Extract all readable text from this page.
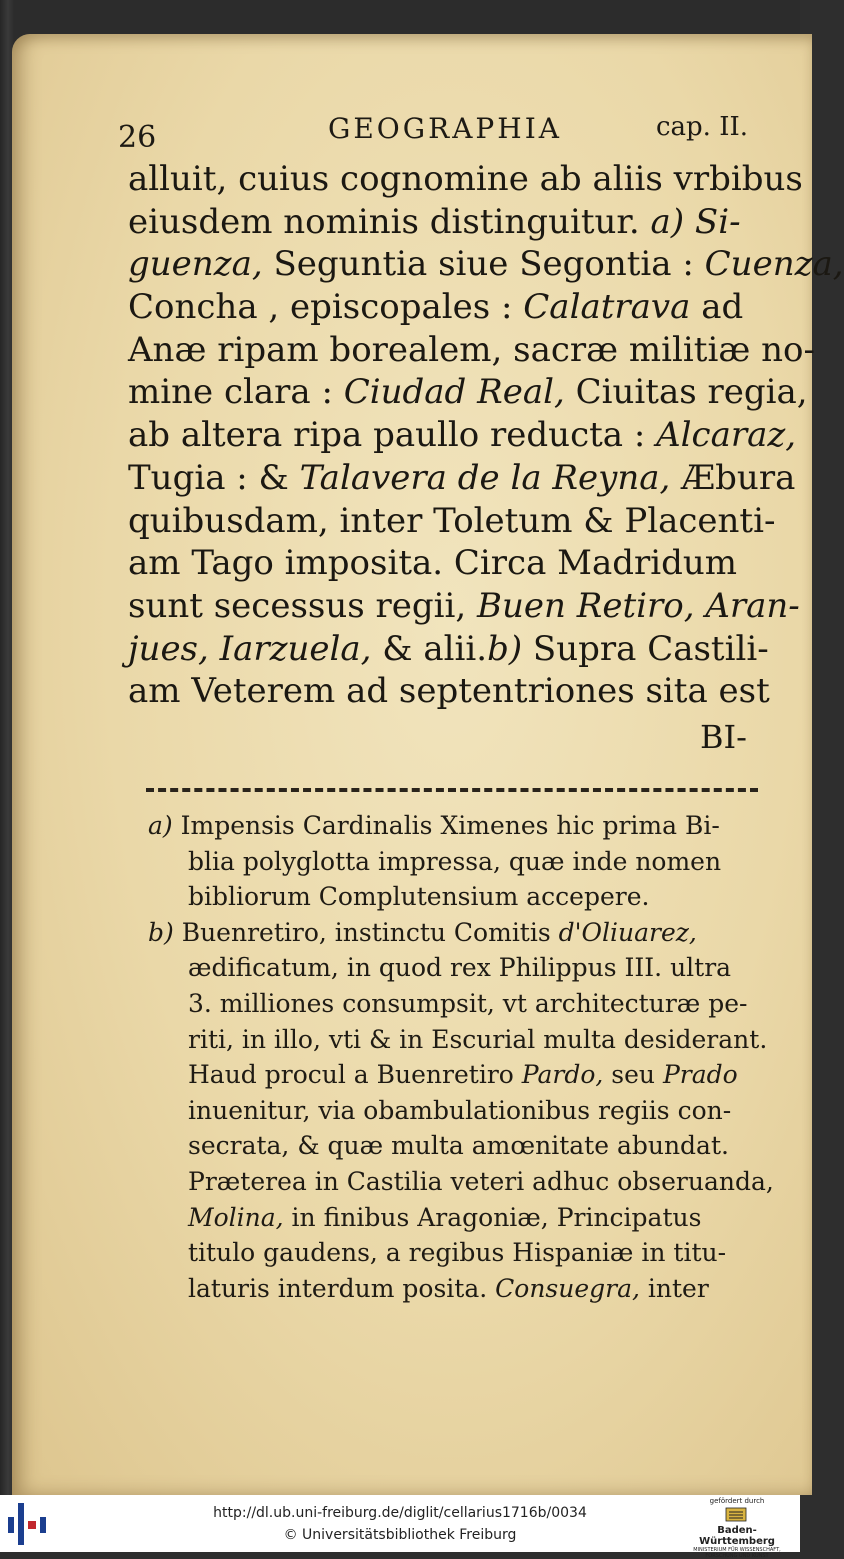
26	GEOGRAPHIA	cap. II.
alluit, cuius cognomine ab aliis vrbibus
eiusdem nominis distinguitur. a) Si-
guenza, Seguntia siue Segontia : Cuenza,
Concha , episcopales : Calatrava ad
Anæ ripam borealem, sacræ militiæ no-
mine clara : Ciudad Real, Ciuitas regia,
ab altera ripa paullo reducta : Alcaraz,
Tugia : & Talavera de la Reyna, Æbura
quibusdam, inter Toletum & Placenti-
am Tago imposita. Circa Madridum
sunt secessus regii, Buen Retiro, Aran-
jues, Iarzuela, & alii.b) Supra Castili-
am Veterem ad septentriones sita est
BI-
a) Impensis Cardinalis Ximenes hic prima Bi-
blia polyglotta impressa, quæ inde nomen
bibliorum Complutensium accepere.
b) Buenretiro, instinctu Comitis d'Oliuarez,
ædificatum, in quod rex Philippus III. ultra
3. milliones consumpsit, vt architecturæ pe-
riti, in illo, vti & in Escurial multa desiderant.
Haud procul a Buenretiro Pardo, seu Prado
inuenitur, via obambulationibus regiis con-
secrata, & quæ multa amœnitate abundat.
Præterea in Castilia veteri adhuc obseruanda,
Molina, in finibus Aragoniæ, Principatus
titulo gaudens, a regibus Hispaniæ in titu-
laturis interdum posita. Consuegra, inter
http://dl.ub.uni-freiburg.de/diglit/cellarius1716b/0034
© Universitätsbibliothek Freiburg
gefördert durch
Baden-Württemberg
MINISTERIUM FÜR WISSENSCHAFT, FORSCHUNG UND KUNST
